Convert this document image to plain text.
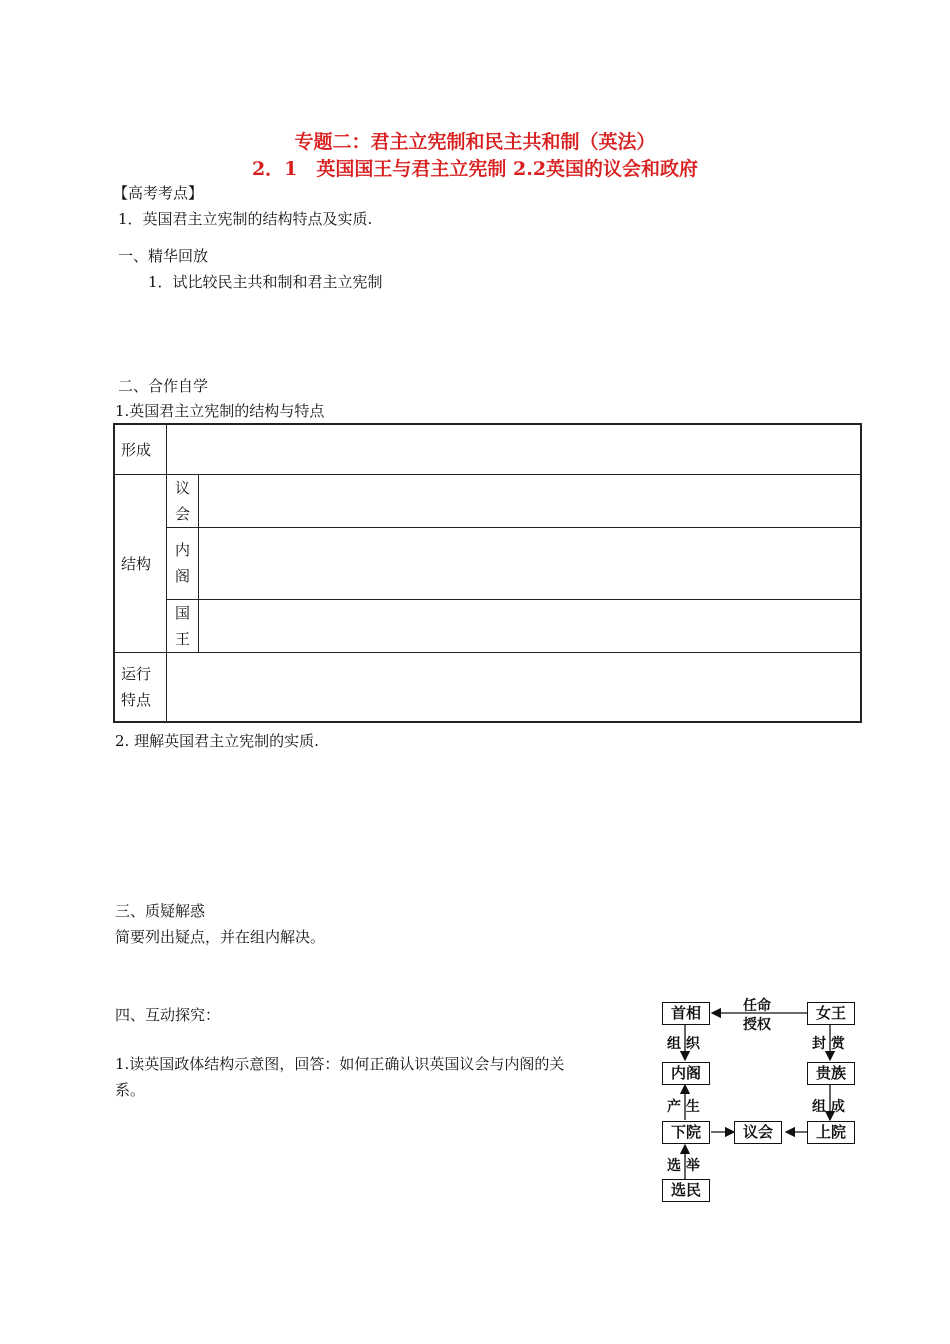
专题二：君主立宪制和民主共和制（英法）
2．1　英国国王与君主立宪制 2.2英国的议会和政府
【高考考点】
1．英国君主立宪制的结构特点及实质.
一、精华回放
1．试比较民主共和制和君主立宪制
二、合作自学
1.英国君主立宪制的结构与特点
形成		
结构	议
会	

	内
阁	

	国
王	

运行
特点		

2. 理解英国君主立宪制的实质.
三、质疑解惑
简要列出疑点，并在组内解决。
四、互动探究：
1.读英国政体结构示意图，回答：如何正确认识英国议会与内阁的关
系。
首相	女王
内阁	贵族
下院	议会	上院
选民
任命
授权
组 织	封 赏
产 生	组 成
选 举
